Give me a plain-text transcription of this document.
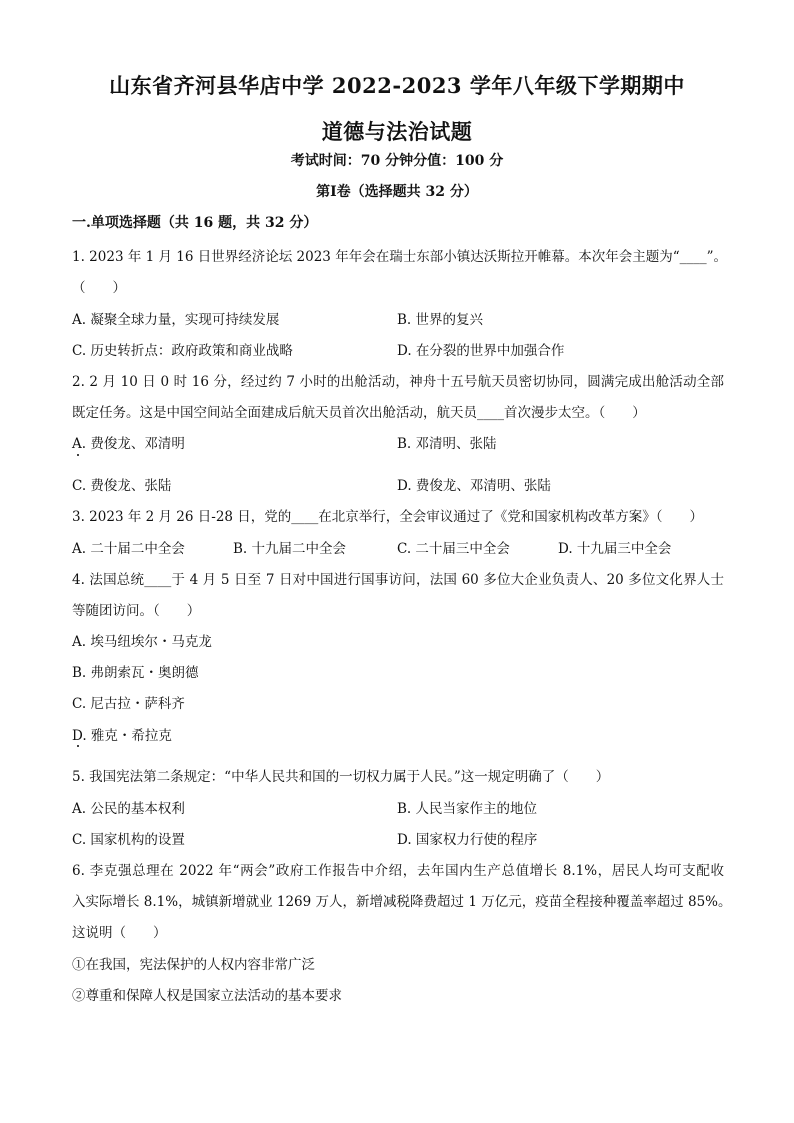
山东省齐河县华店中学 2022-2023 学年八年级下学期期中
道德与法治试题
考试时间：70 分钟分值：100 分
第Ⅰ卷（选择题共 32 分）
一.单项选择题（共 16 题，共 32 分）
1. 2023 年 1 月 16 日世界经济论坛 2023 年年会在瑞士东部小镇达沃斯拉开帷幕。本次年会主题为“____”。
（　　）
A. 凝聚全球力量，实现可持续发展	B. 世界的复兴
C. 历史转折点：政府政策和商业战略	D. 在分裂的世界中加强合作
2. 2 月 10 日 0 时 16 分，经过约 7 小时的出舱活动，神舟十五号航天员密切协同，圆满完成出舱活动全部
既定任务。这是中国空间站全面建成后航天员首次出舱活动，航天员____首次漫步太空。（　　）
A. 费俊龙、邓清明	B. 邓清明、张陆
C. 费俊龙、张陆	D. 费俊龙、邓清明、张陆
3. 2023 年 2 月 26 日-28 日，党的____在北京举行，全会审议通过了《党和国家机构改革方案》（　　）
A. 二十届二中全会	B. 十九届二中全会	C. 二十届三中全会	D. 十九届三中全会
4. 法国总统____于 4 月 5 日至 7 日对中国进行国事访问，法国 60 多位大企业负责人、20 多位文化界人士
等随团访问。（　　）
A. 埃马纽埃尔・马克龙
B. 弗朗索瓦・奥朗德
C. 尼古拉・萨科齐
D. 雅克・希拉克
5. 我国宪法第二条规定：“中华人民共和国的一切权力属于人民。”这一规定明确了（　　）
A. 公民的基本权利	B. 人民当家作主的地位
C. 国家机构的设置	D. 国家权力行使的程序
6. 李克强总理在 2022 年“两会”政府工作报告中介绍，去年国内生产总值增长 8.1%，居民人均可支配收
入实际增长 8.1%，城镇新增就业 1269 万人，新增减税降费超过 1 万亿元，疫苗全程接种覆盖率超过 85%。
这说明（　　）
①在我国，宪法保护的人权内容非常广泛
②尊重和保障人权是国家立法活动的基本要求
